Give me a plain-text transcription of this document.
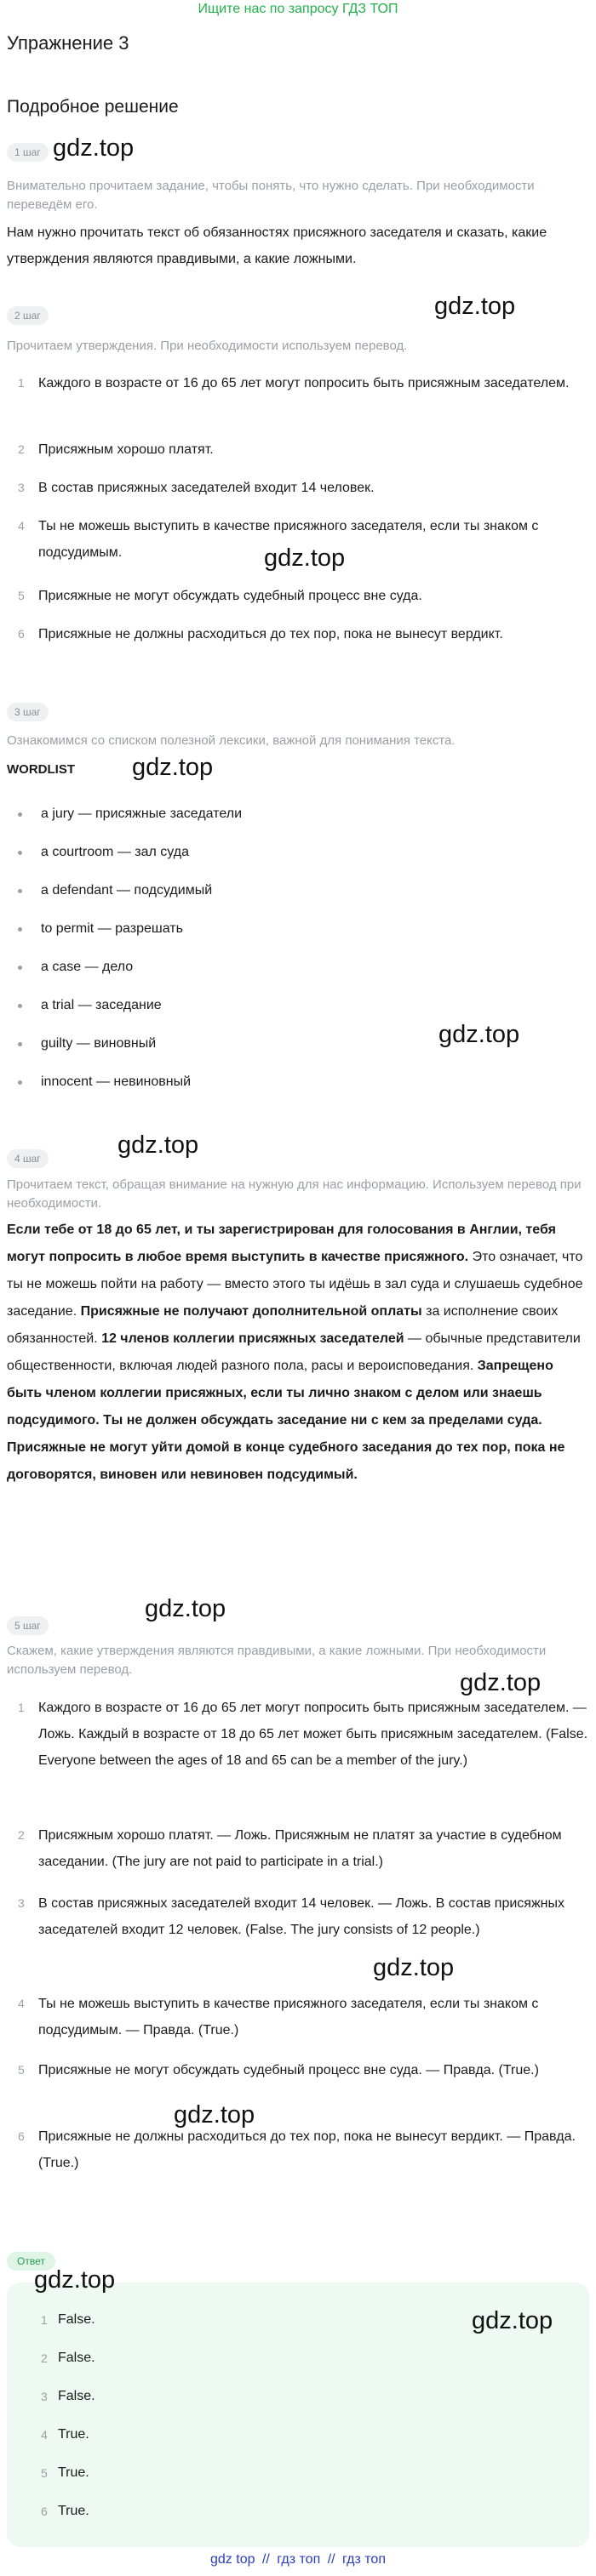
Ищите нас по запросу ГДЗ ТОП
Упражнение 3
Подробное решение
1 шаг gdz.top
Внимательно прочитаем задание, чтобы понять, что нужно сделать. При необходимости переведём его.
Нам нужно прочитать текст об обязанностях присяжного заседателя и сказать, какие утверждения являются правдивыми, а какие ложными.
gdz.top
2 шаг
Прочитаем утверждения. При необходимости используем перевод.
1 Каждого в возрасте от 16 до 65 лет могут попросить быть присяжным заседателем.
2 Присяжным хорошо платят.
3 В состав присяжных заседателей входит 14 человек.
4 Ты не можешь выступить в качестве присяжного заседателя, если ты знаком с подсудимым.
5 Присяжные не могут обсуждать судебный процесс вне суда.
6 Присяжные не должны расходиться до тех пор, пока не вынесут вердикт.
gdz.top
3 шаг
Ознакомимся со списком полезной лексики, важной для понимания текста.
WORDLIST gdz.top
a jury — присяжные заседатели
a courtroom — зал суда
a defendant — подсудимый
to permit — разрешать
a case — дело
a trial — заседание
guilty — виновный
innocent — невиновный
gdz.top
gdz.top
4 шаг
Прочитаем текст, обращая внимание на нужную для нас информацию. Используем перевод при необходимости.
Если тебе от 18 до 65 лет, и ты зарегистрирован для голосования в Англии, тебя могут попросить в любое время выступить в качестве присяжного. Это означает, что ты не можешь пойти на работу — вместо этого ты идёшь в зал суда и слушаешь судебное заседание. Присяжные не получают дополнительной оплаты за исполнение своих обязанностей. 12 членов коллегии присяжных заседателей — обычные представители общественности, включая людей разного пола, расы и вероисповедания. Запрещено быть членом коллегии присяжных, если ты лично знаком с делом или знаешь подсудимого. Ты не должен обсуждать заседание ни с кем за пределами суда. Присяжные не могут уйти домой в конце судебного заседания до тех пор, пока не договорятся, виновен или невиновен подсудимый.
gdz.top
5 шаг
gdz.top
Скажем, какие утверждения являются правдивыми, а какие ложными. При необходимости используем перевод.
1 Каждого в возрасте от 16 до 65 лет могут попросить быть присяжным заседателем. — Ложь. Каждый в возрасте от 18 до 65 лет может быть присяжным заседателем. (False. Everyone between the ages of 18 and 65 can be a member of the jury.)
2 Присяжным хорошо платят. — Ложь. Присяжным не платят за участие в судебном заседании. (The jury are not paid to participate in a trial.)
3 В состав присяжных заседателей входит 14 человек. — Ложь. В состав присяжных заседателей входит 12 человек. (False. The jury consists of 12 people.)
4 Ты не можешь выступить в качестве присяжного заседателя, если ты знаком с подсудимым. — Правда. (True.)
5 Присяжные не могут обсуждать судебный процесс вне суда. — Правда. (True.)
6 Присяжные не должны расходиться до тех пор, пока не вынесут вердикт. — Правда. (True.)
gdz.top
gdz.top
Ответ
gdz.top
gdz.top
1 False.
2 False.
3 False.
4 True.
5 True.
6 True.
gdz top // гдз топ // гдз топ
